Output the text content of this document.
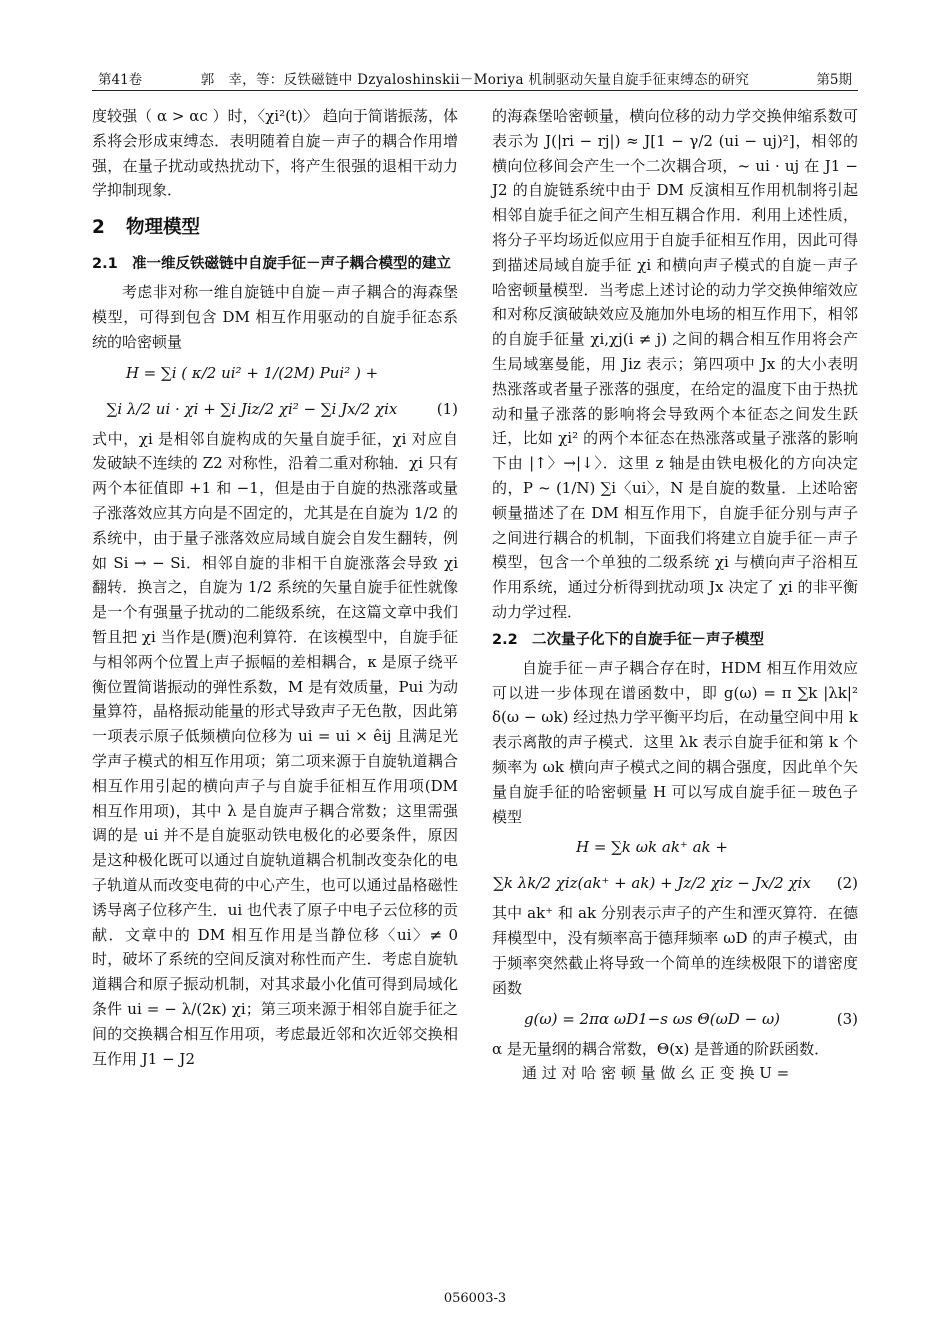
第41卷	郭　幸，等：反铁磁链中 Dzyaloshinskii－Moriya 机制驱动矢量自旋手征束缚态的研究	第5期

度较强（ α > αc ）时，〈χi²(t)〉 趋向于简谐振荡，体系将会形成束缚态．表明随着自旋－声子的耦合作用增强，在量子扰动或热扰动下，将产生很强的退相干动力学抑制现象．

2 物理模型
2.1 准一维反铁磁链中自旋手征－声子耦合模型的建立

考虑非对称一维自旋链中自旋－声子耦合的海森堡模型，可得到包含 DM 相互作用驱动的自旋手征态系统的哈密顿量

H = ∑i ( κ/2 ui² + 1/(2M) Pui² ) +
∑i λ/2 ui · χi + ∑i Jiz/2 χi² − ∑i Jx/2 χix	(1)

式中，χi 是相邻自旋构成的矢量自旋手征，χi 对应自发破缺不连续的 Z2 对称性，沿着二重对称轴．χi 只有两个本征值即 +1 和 −1，但是由于自旋的热涨落或量子涨落效应其方向是不固定的，尤其是在自旋为 1/2 的系统中，由于量子涨落效应局域自旋会自发生翻转，例如 Si → − Si．相邻自旋的非相干自旋涨落会导致 χi 翻转．换言之，自旋为 1/2 系统的矢量自旋手征性就像是一个有强量子扰动的二能级系统，在这篇文章中我们暂且把 χi 当作是(赝)泡利算符．在该模型中，自旋手征与相邻两个位置上声子振幅的差相耦合，κ 是原子绕平衡位置简谐振动的弹性系数，M 是有效质量，Pui 为动量算符，晶格振动能量的形式导致声子无色散，因此第一项表示原子低频横向位移为 ui = ui × êij 且满足光学声子模式的相互作用项；第二项来源于自旋轨道耦合相互作用引起的横向声子与自旋手征相互作用项(DM 相互作用项)，其中 λ 是自旋声子耦合常数；这里需强调的是 ui 并不是自旋驱动铁电极化的必要条件，原因是这种极化既可以通过自旋轨道耦合机制改变杂化的电子轨道从而改变电荷的中心产生，也可以通过晶格磁性诱导离子位移产生．ui 也代表了原子中电子云位移的贡献．文章中的 DM 相互作用是当静位移〈ui〉≠ 0 时，破坏了系统的空间反演对称性而产生．考虑自旋轨道耦合和原子振动机制，对其求最小化值可得到局域化条件 ui = − λ/(2κ) χi；第三项来源于相邻自旋手征之间的交换耦合相互作用项，考虑最近邻和次近邻交换相互作用 J1 − J2

的海森堡哈密顿量，横向位移的动力学交换伸缩系数可表示为 J(|ri − rj|) ≈ J[1 − γ/2 (ui − uj)²]，相邻的横向位移间会产生一个二次耦合项，~ ui · uj 在 J1 − J2 的自旋链系统中由于 DM 反演相互作用机制将引起相邻自旋手征之间产生相互耦合作用．利用上述性质，将分子平均场近似应用于自旋手征相互作用，因此可得到描述局域自旋手征 χi 和横向声子模式的自旋－声子哈密顿量模型．当考虑上述讨论的动力学交换伸缩效应和对称反演破缺效应及施加外电场的相互作用下，相邻的自旋手征量 χi,χj(i ≠ j) 之间的耦合相互作用将会产生局域塞曼能，用 Jiz 表示；第四项中 Jx 的大小表明热涨落或者量子涨落的强度，在给定的温度下由于热扰动和量子涨落的影响将会导致两个本征态之间发生跃迁，比如 χi² 的两个本征态在热涨落或量子涨落的影响下由 |↑〉→|↓〉．这里 z 轴是由铁电极化的方向决定的，P ~ (1/N) ∑i〈ui〉，N 是自旋的数量．上述哈密顿量描述了在 DM 相互作用下，自旋手征分别与声子之间进行耦合的机制，下面我们将建立自旋手征－声子模型，包含一个单独的二级系统 χi 与横向声子浴相互作用系统，通过分析得到扰动项 Jx 决定了 χi 的非平衡动力学过程．

2.2 二次量子化下的自旋手征－声子模型

自旋手征－声子耦合存在时，HDM 相互作用效应可以进一步体现在谱函数中，即 g(ω) = π ∑k |λk|² δ(ω − ωk) 经过热力学平衡平均后，在动量空间中用 k 表示离散的声子模式．这里 λk 表示自旋手征和第 k 个频率为 ωk 横向声子模式之间的耦合强度，因此单个矢量自旋手征的哈密顿量 H 可以写成自旋手征－玻色子模型

H = ∑k ωk ak⁺ ak +
∑k λk/2 χiz(ak⁺ + ak) + Jz/2 χiz − Jx/2 χix (2)

其中 ak⁺ 和 ak 分别表示声子的产生和湮灭算符．在德拜模型中，没有频率高于德拜频率 ωD 的声子模式，由于频率突然截止将导致一个简单的连续极限下的谱密度函数

g(ω) = 2πα ωD1−s ωs Θ(ωD − ω)	(3)

α 是无量纲的耦合常数，Θ(x) 是普通的阶跃函数．

通 过 对 哈 密 顿 量 做 幺 正 变 换 U =

056003-3
